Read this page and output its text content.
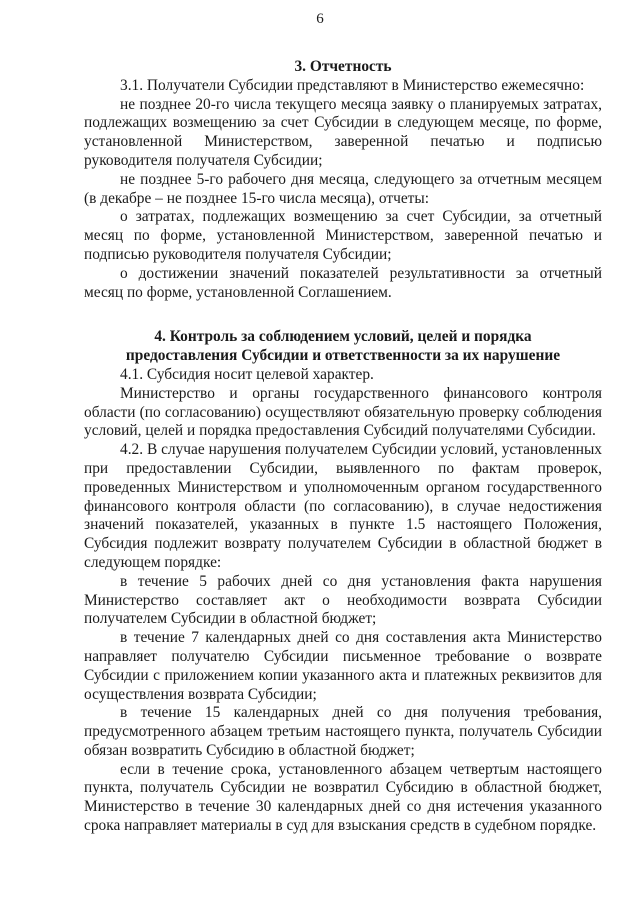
6

3. Отчетность

3.1. Получатели Субсидии представляют в Министерство ежемесячно:

не позднее 20-го числа текущего месяца заявку о планируемых затратах, подлежащих возмещению за счет Субсидии в следующем месяце, по форме, установленной Министерством, заверенной печатью и подписью руководителя получателя Субсидии;

не позднее 5-го рабочего дня месяца, следующего за отчетным месяцем (в декабре – не позднее 15-го числа месяца), отчеты:

о затратах, подлежащих возмещению за счет Субсидии, за отчетный месяц по форме, установленной Министерством, заверенной печатью и подписью руководителя получателя Субсидии;

о достижении значений показателей результативности за отчетный месяц по форме, установленной Соглашением.

4. Контроль за соблюдением условий, целей и порядка

предоставления Субсидии и ответственности за их нарушение

4.1. Субсидия носит целевой характер.

Министерство и органы государственного финансового контроля области (по согласованию) осуществляют обязательную проверку соблюдения условий, целей и порядка предоставления Субсидий получателями Субсидии.

4.2. В случае нарушения получателем Субсидии условий, установленных при предоставлении Субсидии, выявленного по фактам проверок, проведенных Министерством и уполномоченным органом государственного финансового контроля области (по согласованию), в случае недостижения значений показателей, указанных в пункте 1.5 настоящего Положения, Субсидия подлежит возврату получателем Субсидии в областной бюджет в следующем порядке:

в течение 5 рабочих дней со дня установления факта нарушения Министерство составляет акт о необходимости возврата Субсидии получателем Субсидии в областной бюджет;

в течение 7 календарных дней со дня составления акта Министерство направляет получателю Субсидии письменное требование о возврате Субсидии с приложением копии указанного акта и платежных реквизитов для осуществления возврата Субсидии;

в течение 15 календарных дней со дня получения требования, предусмотренного абзацем третьим настоящего пункта, получатель Субсидии обязан возвратить Субсидию в областной бюджет;

если в течение срока, установленного абзацем четвертым настоящего пункта, получатель Субсидии не возвратил Субсидию в областной бюджет, Министерство в течение 30 календарных дней со дня истечения указанного срока направляет материалы в суд для взыскания средств в судебном порядке.
